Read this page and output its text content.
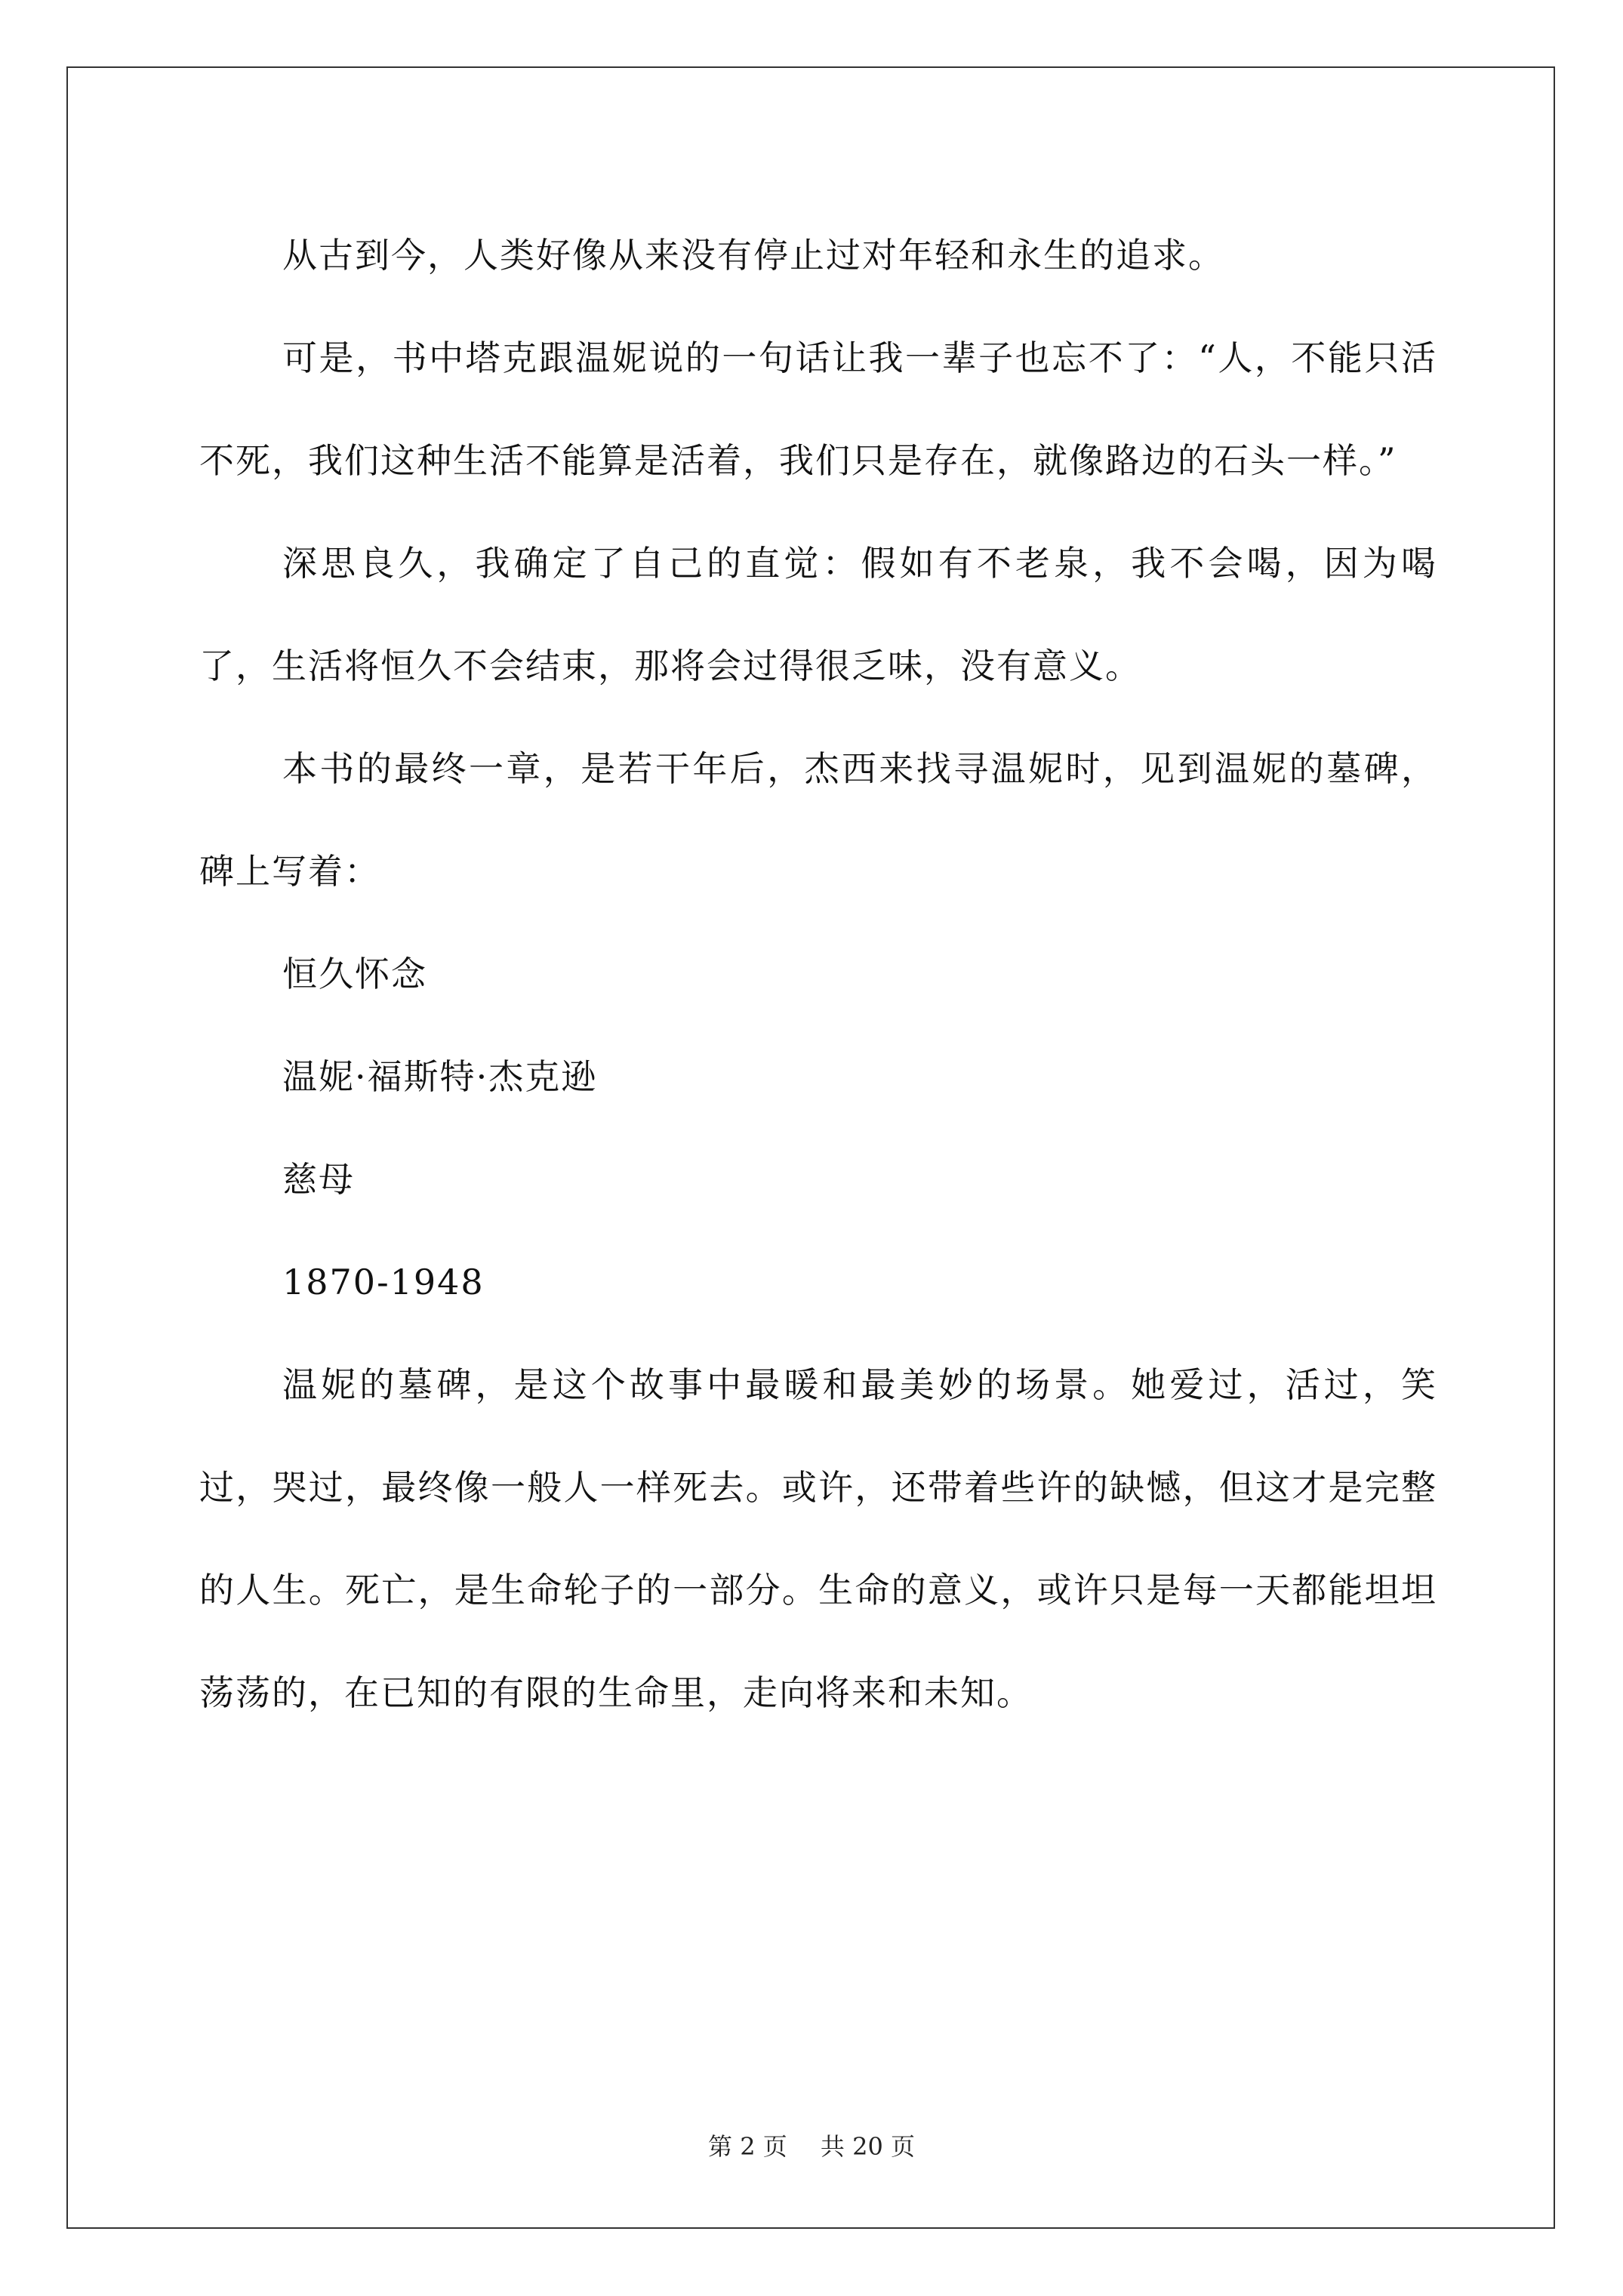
从古到今，人类好像从来没有停止过对年轻和永生的追求。

可是，书中塔克跟温妮说的一句话让我一辈子也忘不了：“人，不能只活不死，我们这种生活不能算是活着，我们只是存在，就像路边的石头一样。”

深思良久，我确定了自己的直觉：假如有不老泉，我不会喝，因为喝了，生活将恒久不会结束，那将会过得很乏味，没有意义。

本书的最终一章，是若干年后，杰西来找寻温妮时，见到温妮的墓碑，碑上写着：

恒久怀念

温妮·福斯特·杰克逊

慈母

1870-1948

温妮的墓碑，是这个故事中最暖和最美妙的场景。她爱过，活过，笑过，哭过，最终像一般人一样死去。或许，还带着些许的缺憾，但这才是完整的人生。死亡，是生命轮子的一部分。生命的意义，或许只是每一天都能坦坦荡荡的，在已知的有限的生命里，走向将来和未知。

第 2 页 共 20 页
